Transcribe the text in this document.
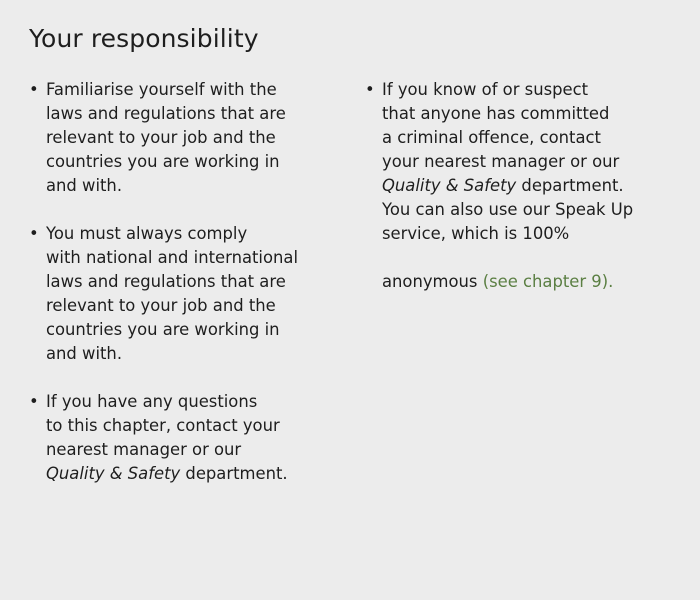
Your responsibility
• Familiarise yourself with the
laws and regulations that are
relevant to your job and the
countries you are working in
and with.
• You must always comply
with national and international
laws and regulations that are
relevant to your job and the
countries you are working in
and with.
• If you have any questions
to this chapter, contact your
nearest manager or our
Quality & Safety department.
• If you know of or suspect
that anyone has committed
a criminal offence, contact
your nearest manager or our
Quality & Safety department.
You can also use our Speak Up
service, which is 100%
anonymous (see chapter 9).
